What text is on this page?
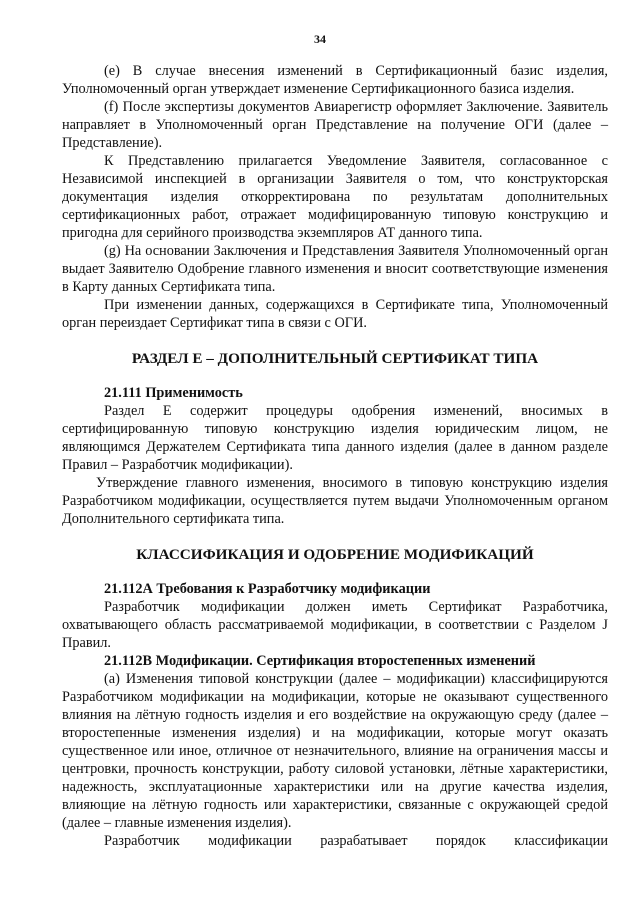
34

(e) В случае внесения изменений в Сертификационный базис изделия, Уполномоченный орган утверждает изменение Сертификационного базиса изделия.

(f) После экспертизы документов Авиарегистр оформляет Заключение. Заявитель направляет в Уполномоченный орган Представление на получение ОГИ (далее – Представление).

К Представлению прилагается Уведомление Заявителя, согласованное с Независимой инспекцией в организации Заявителя о том, что конструкторская документация изделия откорректирована по результатам дополнительных сертификационных работ, отражает модифицированную типовую конструкцию и пригодна для серийного производства экземпляров АТ данного типа.

(g) На основании Заключения и Представления Заявителя Уполномоченный орган выдает Заявителю Одобрение главного изменения и вносит соответствующие изменения в Карту данных Сертификата типа.

При изменении данных, содержащихся в Сертификате типа, Уполномоченный орган переиздает Сертификат типа в связи с ОГИ.

РАЗДЕЛ Е – ДОПОЛНИТЕЛЬНЫЙ СЕРТИФИКАТ ТИПА

21.111 Применимость

Раздел Е содержит процедуры одобрения изменений, вносимых в сертифицированную типовую конструкцию изделия юридическим лицом, не являющимся Держателем Сертификата типа данного изделия (далее в данном разделе Правил – Разработчик модификации).

Утверждение главного изменения, вносимого в типовую конструкцию изделия Разработчиком модификации, осуществляется путем выдачи Уполномоченным органом Дополнительного сертификата типа.

КЛАССИФИКАЦИЯ И ОДОБРЕНИЕ МОДИФИКАЦИЙ

21.112А Требования к Разработчику модификации

Разработчик модификации должен иметь Сертификат Разработчика, охватывающего область рассматриваемой модификации, в соответствии с Разделом J Правил.

21.112В Модификации. Сертификация второстепенных изменений

(a) Изменения типовой конструкции (далее – модификации) классифицируются Разработчиком модификации на модификации, которые не оказывают существенного влияния на лётную годность изделия и его воздействие на окружающую среду (далее – второстепенные изменения изделия) и на модификации, которые могут оказать существенное или иное, отличное от незначительного, влияние на ограничения массы и центровки, прочность конструкции, работу силовой установки, лётные характеристики, надежность, эксплуатационные характеристики или на другие качества изделия, влияющие на лётную годность или характеристики, связанные с окружающей средой (далее – главные изменения изделия).

Разработчик модификации разрабатывает порядок классификации
